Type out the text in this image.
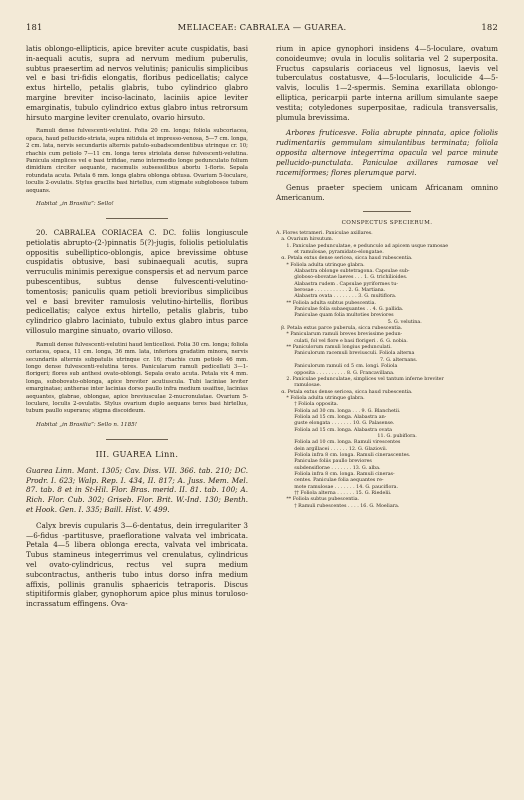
181	MELIACEAE: CABRALEA — GUAREA.	182

latis oblongo-ellipticis, apice breviter acute cuspidatis, basi in-aequali acutis, supra ad nervum medium puberulis, subtus praesertim ad nervos velutinis; paniculis simplicibus vel e basi tri-fidis elongatis, floribus pedicellatis; calyce extus hirtello, petalis glabris, tubo cylindrico glabro margine breviter inciso-lacinato, laciniis apice leviter emarginatis, tubulo cylindrico extus glabro intus retrorsum hirsuto margine leviter crenulato, ovario hirsuto.

Ramuli dense fulvescenti-velutini. Folia 20 cm. longa; foliola subcoriacea, opaca, haud pellucido-striata, supra nitidula et impresso-venosa, 5—7 cm. longa, 2 cm. lata, nervis secundariis alternis patulo-subadscendentibus utrinque cr. 10; rhachis cum petiolo 7—11 cm. longa teres striolata dense fulvescenti-velutina. Panicula simplices vel e basi trifidae, ramo intermedio longe pedunculato folium dimidium circiter aequante, racemulis subsessilibus abortu 1-floris. Sepala rotundata acuta. Petala 6 mm. longa glabra oblonga obtusa. Ovarium 5-loculare, loculis 2-ovulatis. Stylus gracilis basi hirtellus, cum stigmate subglobosos tubum aequans.

Habitat „in Brasilia”: Sello!

20. CABRALEA CORIACEA C. DC. foliis longiuscule petiolatis abrupto-(2-)pinnatis 5(?)-jugis, foliolis petiolulatis oppositis subelliptico-oblongis, apice brevissime obtuse cuspidatis obtusive, basi subinaequali acutis, supra verruculis minimis perexigue conspersis et ad nervum parce pubescentibus, subtus dense fulvescenti-velutino-tomentosis; paniculis quam petioli brevioribus simplicibus vel e basi breviter ramulosis velutino-hirtellis, floribus pedicellatis; calyce extus hirtello, petalis glabris, tubo cylindrico glabro laciniato, tubulo extus glabro intus parce villosulo margine sinuato, ovario villoso.

Ramuli dense fulvescenti-velutini haud lenticellosi. Folia 30 cm. longa; foliola coriacea, opaca, 11 cm. longa, 36 mm. lata, inferiora gradatim minora, nervis secundariis alternis subpatulis utrinque cr. 16; rhachis cum petiolo 46 mm. longo dense fulvescenti-velutina teres. Panicularum ramuli pedicellati 3—1-florigeri; flores sub anthesi ovato-oblongi. Sepala ovato acuta. Petala vix 4 mm. longa, subobovato-oblonga, apice breviter acutiuscula. Tubi laciniae leviter emarginatae; antherae inter lacinias dorso paullo infra medium usaifixe, lacinias aequantes, glabrae, oblongae, apice breviusculae 2-mucronulatae. Ovarium 5-loculare, loculis 2-ovulatis. Stylus ovarium duplo aequans teres basi hirtellus, tubum paullo superans; stigma discoideum.

Habitat „in Brasilia”: Sello n. 1185!

III. GUAREA Linn.

Guarea Linn. Mant. 1305; Cav. Diss. VII. 366. tab. 210; DC. Prodr. I. 623; Walp. Rep. I. 434, II. 817; A. Juss. Mem. Mel. 87. tab. 8 et in St-Hil. Flor. Bras. merid. II. 81. tab. 100; A. Rich. Flor. Cub. 302; Griseb. Flor. Brit. W.-Ind. 130; Benth. et Hook. Gen. I. 335; Baill. Hist. V. 499.

Calyx brevis cupularis 3—6-dentatus, dein irregulariter 3—6-fidus -partitusve, praefloratione valvata vel imbricata. Petala 4—5 libera oblonga erecta, valvata vel imbricata. Tubus stamineus integerrimus vel crenulatus, cylindricus vel ovato-cylindricus, rectus vel supra medium subcontractus, antheris tubo intus dorso infra medium affixis, pollinis granulis sphaericis tetraporis. Discus stipitiformis glaber, gynophorum apice plus minus toruloso-incrassatum effingens. Ova-

rium in apice gynophori insidens 4—5-loculare, ovatum conoideumve; ovula in loculis solitaria vel 2 superposita. Fructus capsularis coriaceus vel lignosus, laevis vel tuberculatus costatusve, 4—5-locularis, loculicide 4—5-valvis, loculis 1—2-spermis. Semina exarillata oblongo-elliptica, pericarpii parte interna arillum simulante saepe vestita; cotyledones superpositae, radicula transversalis, plumula brevissima.

Arbores fruticesve. Folia abrupte pinnata, apice foliolis rudimentariis gemmulam simulantibus terminata; foliola opposita alternove integerrima opacula vel parce minute pellucido-punctulata. Paniculae axillares ramosae vel racemiformes; flores plerumque parvi.

Genus praeter speciem unicam Africanam omnino Americanum.

CONSPECTUS SPECIERUM.
A. Flores tetrameri. Paniculae axillares.
a. Ovarium hirsutum.
1. Paniculae pedunculatae, e pedunculo ad apicem usque ramosae
et ramulosae, pyramidato-elongatae.
α. Petala extus dense sericea, sicca haud rubescentia.
* Foliola adulta utrinque glabra.
Alabastra oblonge subtetragona. Capsulae sub-
globoso-obovatae laeves . . . 1. G. trichilioides.
Alabastra rudem . Capsulae pyriformes tu-
berosae . . . . . . . . . . . 2. G. Martiana.
Alabastra ovata . . . . . . . . 3. G. multiflora.
** Foliola adulta subtus pubescentia.
Paniculae folia subaequantes . . 4. G. pallida.
Paniculae quam folia multoties breviores
5. G. velutina.
β. Petala extus parce puberula, sicca rubescentia.
* Panicularum ramuli breves brevissime pedun-
culati, fol vel flore e basi florigeri . 6. G. nobia.
** Paniculorum ramuli longius pedunculati.
Paniculorum racemuli breviusculi. Foliola alterna
7. G. alternans.
Paniculorum ramuli cd 5 cm. longi. Foliola
opposita . . . . . . . . . . 8. G. Francavillana.
2. Paniculae pedunculatae, simplices vel tantum inferne breviter
ramulosae.
α. Petala extus dense sericea, sicca haud rubescentia.
* Foliola adulta utrinque glabra.
† Foliola opposita.
Foliola ad 30 cm. longa . . . 9. G. Blanchetii.
Foliola ad 15 cm. longa. Alabastra an-
guste elongata . . . . . . . 10. G. Palasense.
Foliola ad 15 cm. longa. Alabastra ovata
11. G. pubiflora.
Foliola ad 10 cm. longa. Ramuli virescentes
dein argillacei . . . . . . 12. G. Glaziovii.
Foliola infra 8 cm. longa. Ramuli cinerascentes.
Paniculae foliis paullo breviores
subdensiflorae . . . . . . . 13. G. alba.
Foliola infra 8 cm. longa. Ramuli cineras-
centes. Paniculae folia aequantes re-
mote ramulosae . . . . . . . 14. G. pauciflora.
†† Foliola alterna . . . . . . 15. G. Riedelii.
** Foliola subtus pubescentia.
† Ramuli rubescentes . . . . 16. G. Moeliara.
